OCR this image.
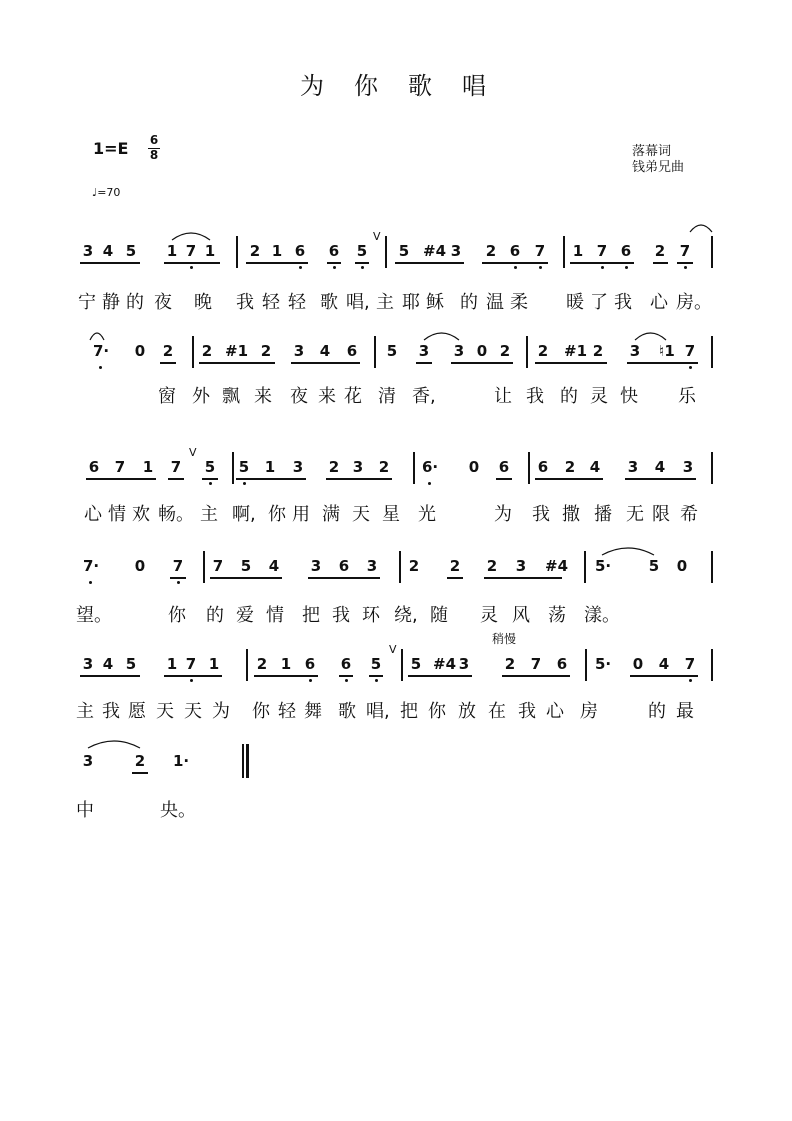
为你歌唱
1=E 6
8
♩=70
落幕词
钱弟兄曲
3 4 5 1 7 1 2 1 6 6 5 5 #4 3 2 6 7 1 7 6 2 7
V
宁 静 的 夜 晚 我 轻 轻 歌 唱, 主 耶 稣 的 温 柔 暖 了 我 心 房。
7· 0 2 2 #1 2 3 4 6 5 3 3 0 2 2 #1 2 3 ♮1 7
窗 外 飘 来 夜 来 花 清 香,	让 我 的 灵 快 乐
6 7 1 7 5 5 1 3 2 3 2 6· 0 6 6 2 4 3 4 3
V
心 情 欢 畅。 主 啊, 你 用 满 天 星 光	为 我 撒 播 无 限 希
7· 0 7 7 5 4 3 6 3 2 2 2 3 #4 5·	5 0
望。	你 的 爱 情 把 我 环 绕, 随 灵 风 荡 漾。
稍慢
3 4 5 1 7 1	2 1 6 6 5 5 #4 3 2 7 6 5· 0 4 7
V
主 我 愿 天 天 为 你 轻 舞 歌 唱, 把 你 放 在 我 心 房	的 最
3	2 1·
中	央。
